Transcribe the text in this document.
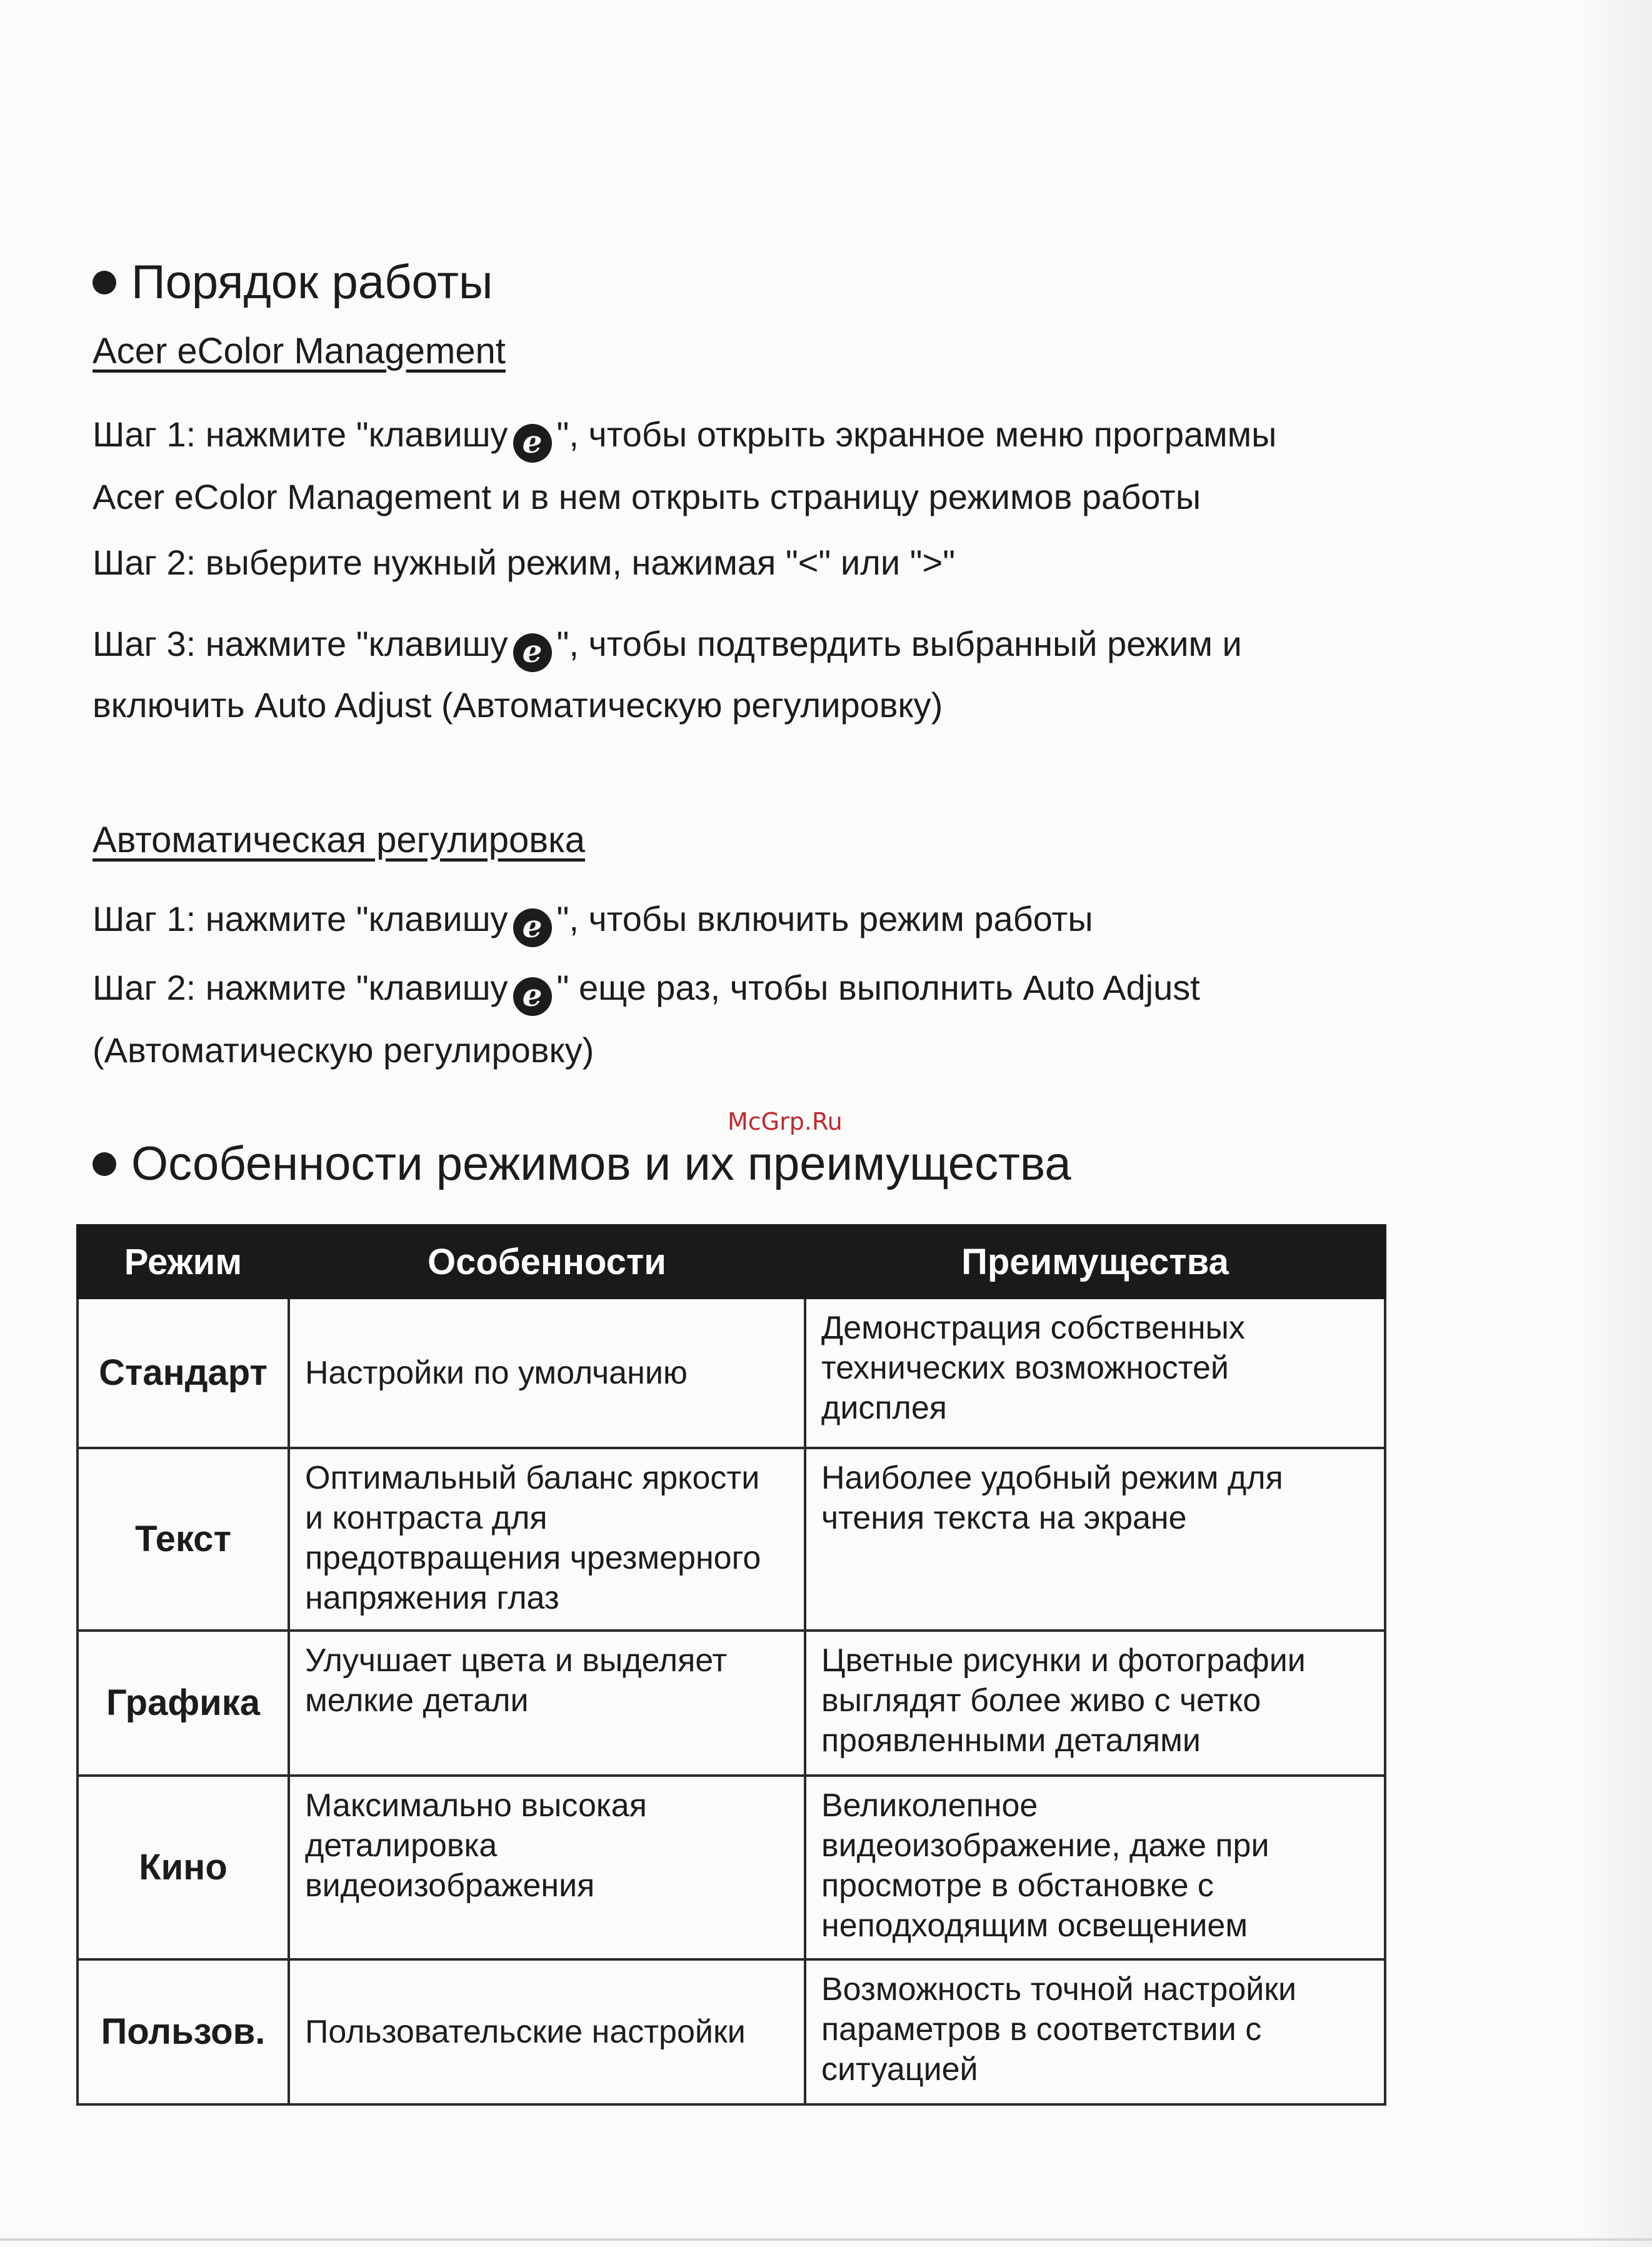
Порядок работы
Acer eColor Management
Шаг 1: нажмите "клавишу e ", чтобы открыть экранное меню программы
Acer eColor Management и в нем открыть страницу режимов работы
Шаг 2: выберите нужный режим, нажимая "<" или ">"
Шаг 3: нажмите "клавишу e ", чтобы подтвердить выбранный режим и
включить Auto Adjust (Автоматическую регулировку)
Автоматическая регулировка
Шаг 1: нажмите "клавишу e ", чтобы включить режим работы
Шаг 2: нажмите "клавишу e " еще раз, чтобы выполнить Auto Adjust
(Автоматическую регулировку)
McGrp.Ru
Особенности режимов и их преимущества
Режим	Особенности	Преимущества
Стандарт	Настройки по умолчанию	Демонстрация собственных
технических возможностей
дисплея
Текст	Оптимальный баланс яркости
и контраста для
предотвращения чрезмерного
напряжения глаз	Наиболее удобный режим для
чтения текста на экране
Графика	Улучшает цвета и выделяет
мелкие детали	Цветные рисунки и фотографии
выглядят более живо с четко
проявленными деталями
Кино	Максимально высокая
деталировка
видеоизображения	Великолепное
видеоизображение, даже при
просмотре в обстановке с
неподходящим освещением
Пользов.	Пользовательские настройки	Возможность точной настройки
параметров в соответствии с
ситуацией
